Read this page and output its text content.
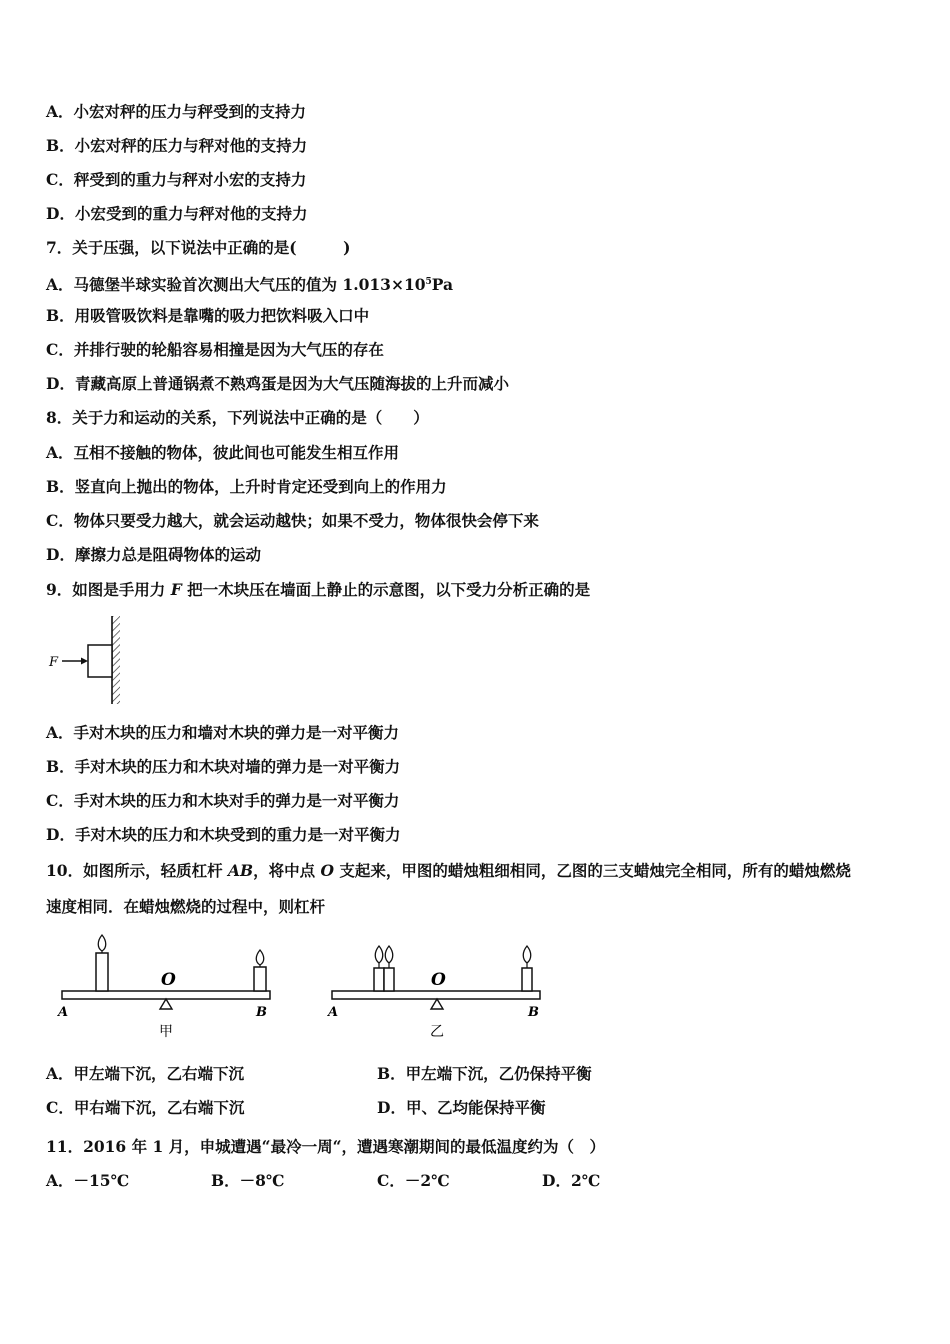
A．小宏对秤的压力与秤受到的支持力
B．小宏对秤的压力与秤对他的支持力
C．秤受到的重力与秤对小宏的支持力
D．小宏受到的重力与秤对他的支持力
7．关于压强，以下说法中正确的是(　　　)
A．马德堡半球实验首次测出大气压的值为 $1.013\times 10^5Pa$
B．用吸管吸饮料是靠嘴的吸力把饮料吸入口中
C．并排行驶的轮船容易相撞是因为大气压的存在
D．青藏高原上普通锅煮不熟鸡蛋是因为大气压随海拔的上升而减小
8．关于力和运动的关系，下列说法中正确的是（　　）
A．互相不接触的物体，彼此间也可能发生相互作用
B．竖直向上抛出的物体，上升时肯定还受到向上的作用力
C．物体只要受力越大，就会运动越快；如果不受力，物体很快会停下来
D．摩擦力总是阻碍物体的运动
9．如图是手用力 F 把一木块压在墙面上静止的示意图，以下受力分析正确的是
F
A．手对木块的压力和墙对木块的弹力是一对平衡力
B．手对木块的压力和木块对墙的弹力是一对平衡力
C．手对木块的压力和木块对手的弹力是一对平衡力
D．手对木块的压力和木块受到的重力是一对平衡力
10．如图所示，轻质杠杆 AB，将中点 O 支起来，甲图的蜡烛粗细相同，乙图的三支蜡烛完全相同，所有的蜡烛燃烧
速度相同．在蜡烛燃烧的过程中，则杠杆
O
A	B
甲
O
A	B
乙
A．甲左端下沉，乙右端下沉	B．甲左端下沉，乙仍保持平衡
C．甲右端下沉，乙右端下沉	D．甲、乙均能保持平衡
11．2016 年 1 月，申城遭遇“最冷一周“，遭遇寒潮期间的最低温度约为（　）
A．－15℃	B．－8℃	C．－2℃	D．2℃
